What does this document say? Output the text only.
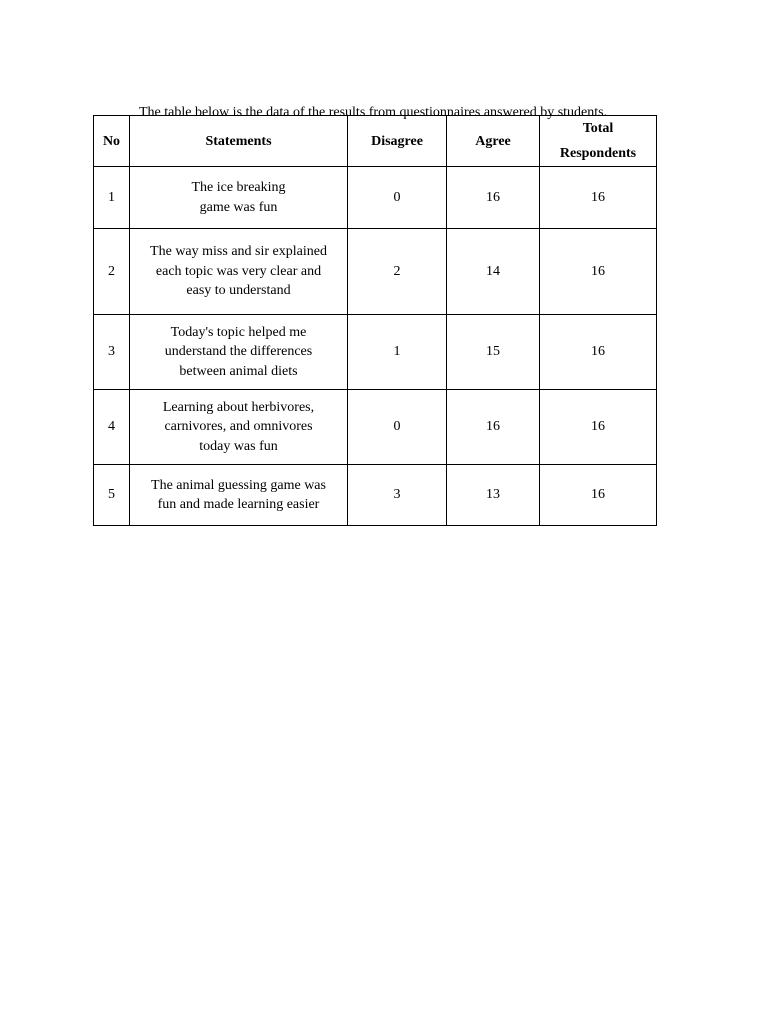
The table below is the data of the results from questionnaires answered by students.

No	Statements	Disagree	Agree	Total
Respondents

1	The ice breaking
game was fun	0	16	16
2	The way miss and sir explained
each topic was very clear and
easy to understand	2	14	16
3	Today's topic helped me
understand the differences
between animal diets	1	15	16
4	Learning about herbivores,
carnivores, and omnivores
today was fun	0	16	16
5	The animal guessing game was
fun and made learning easier	3	13	16
